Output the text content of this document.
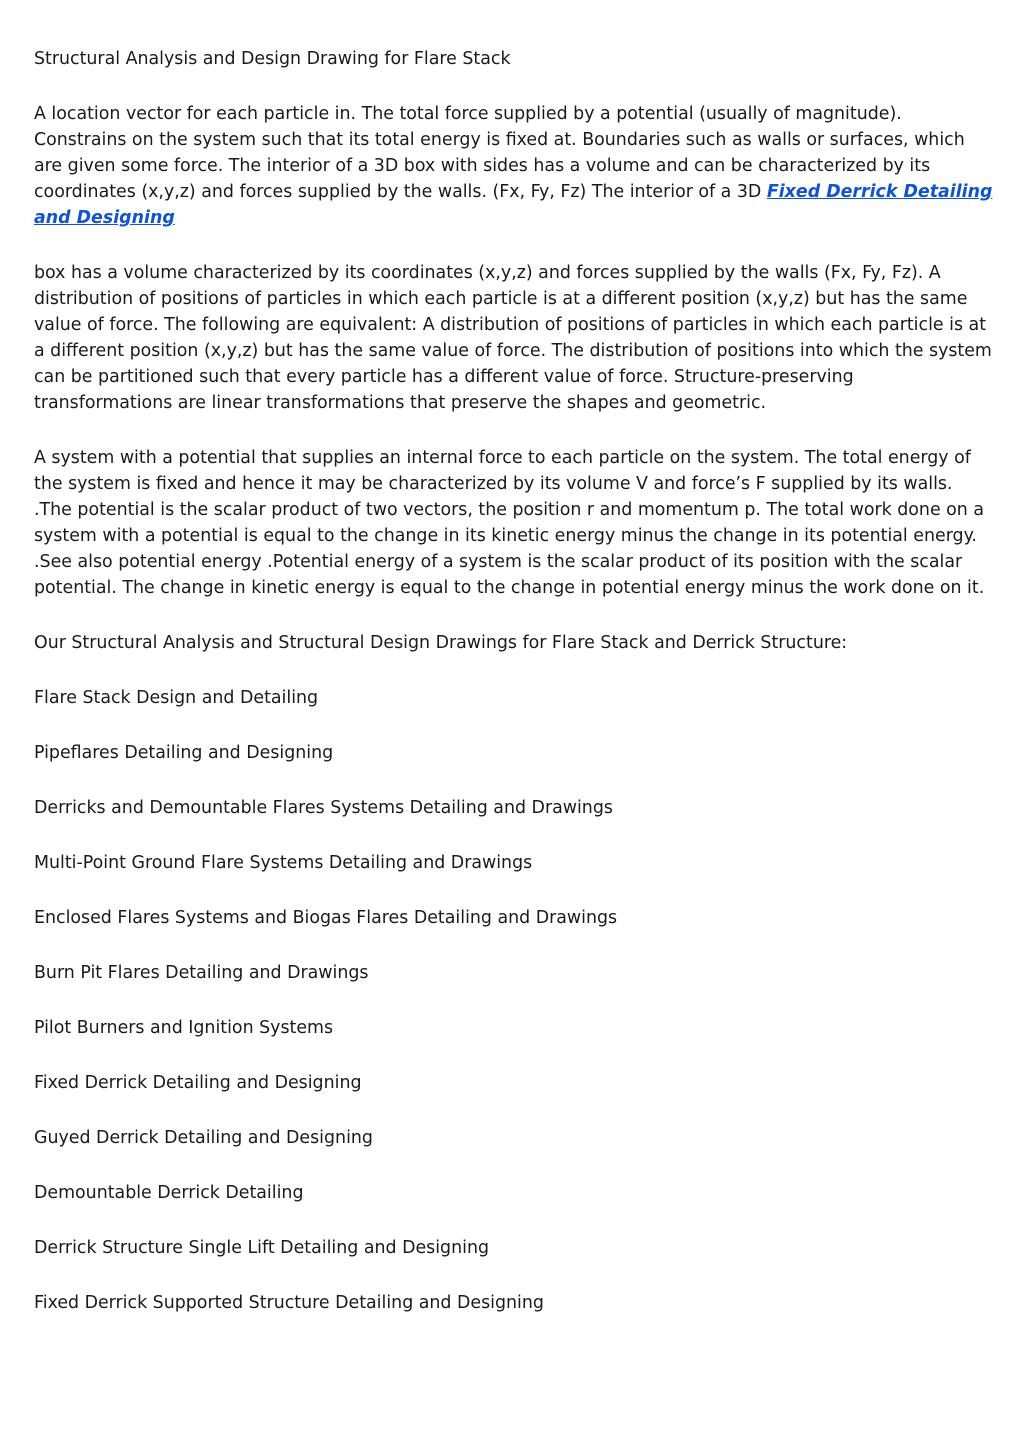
Structural Analysis and Design Drawing for Flare Stack

A location vector for each particle in. The total force supplied by a potential (usually of magnitude). Constrains on the system such that its total energy is fixed at. Boundaries such as walls or surfaces, which are given some force. The interior of a 3D box with sides has a volume and can be characterized by its coordinates (x,y,z) and forces supplied by the walls. (Fx, Fy, Fz) The interior of a 3D Fixed Derrick Detailing and Designing

box has a volume characterized by its coordinates (x,y,z) and forces supplied by the walls (Fx, Fy, Fz). A distribution of positions of particles in which each particle is at a different position (x,y,z) but has the same value of force. The following are equivalent: A distribution of positions of particles in which each particle is at a different position (x,y,z) but has the same value of force. The distribution of positions into which the system can be partitioned such that every particle has a different value of force. Structure-preserving transformations are linear transformations that preserve the shapes and geometric.

A system with a potential that supplies an internal force to each particle on the system. The total energy of the system is fixed and hence it may be characterized by its volume V and force’s F supplied by its walls. .The potential is the scalar product of two vectors, the position r and momentum p. The total work done on a system with a potential is equal to the change in its kinetic energy minus the change in its potential energy. .See also potential energy .Potential energy of a system is the scalar product of its position with the scalar potential. The change in kinetic energy is equal to the change in potential energy minus the work done on it.

Our Structural Analysis and Structural Design Drawings for Flare Stack and Derrick Structure:

Flare Stack Design and Detailing

Pipeflares Detailing and Designing

Derricks and Demountable Flares Systems Detailing and Drawings

Multi-Point Ground Flare Systems Detailing and Drawings

Enclosed Flares Systems and Biogas Flares Detailing and Drawings

Burn Pit Flares Detailing and Drawings

Pilot Burners and Ignition Systems

Fixed Derrick Detailing and Designing

Guyed Derrick Detailing and Designing

Demountable Derrick Detailing

Derrick Structure Single Lift Detailing and Designing

Fixed Derrick Supported Structure Detailing and Designing
